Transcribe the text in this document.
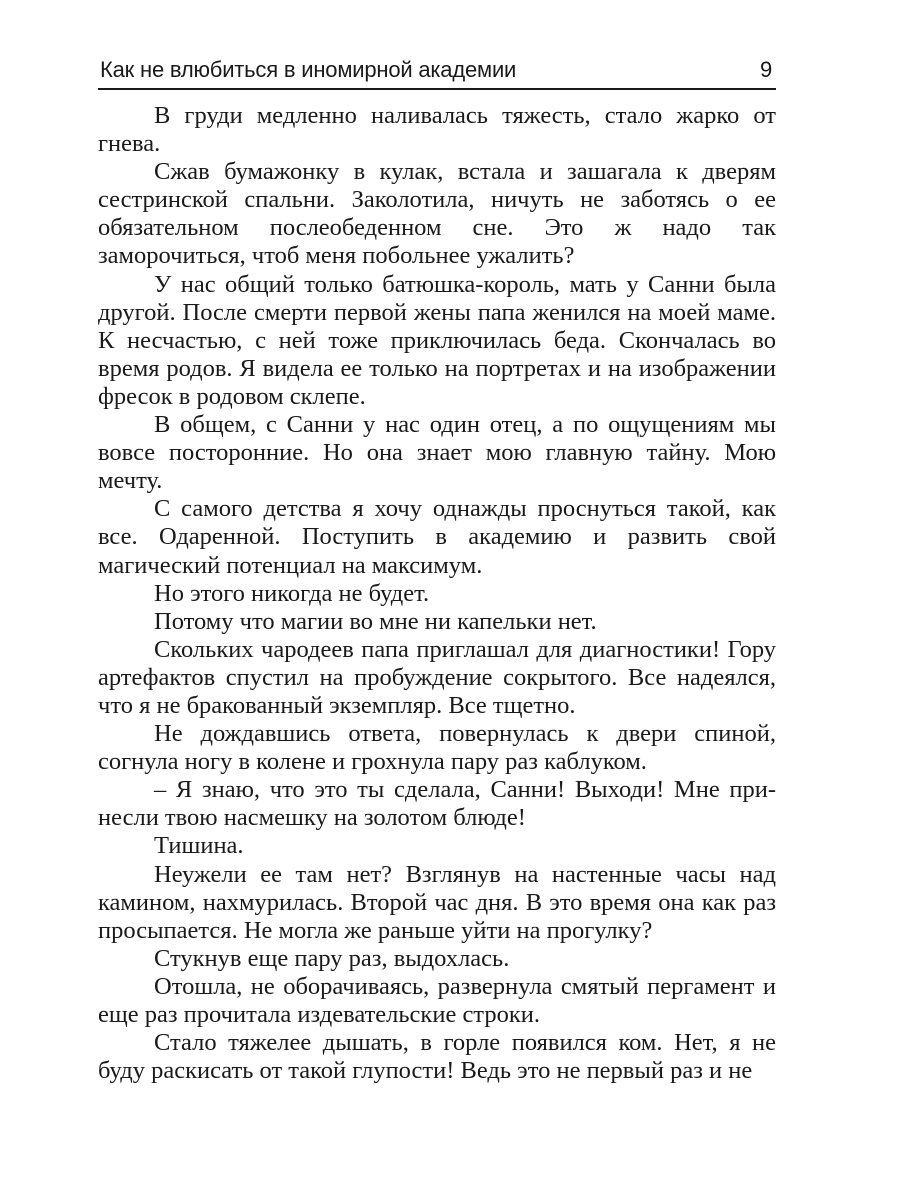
Как не влюбиться в иномирной академии	9

В груди медленно наливалась тяжесть, стало жарко от гнева.

Сжав бумажонку в кулак, встала и зашагала к дверям сестринской спальни. Заколотила, ничуть не заботясь о ее обязательном послеобеденном сне. Это ж надо так заморочиться, чтоб меня побольнее ужалить?

У нас общий только батюшка-король, мать у Санни была другой. После смерти первой жены папа женился на моей маме. К несчастью, с ней тоже приключилась беда. Скончалась во время родов. Я видела ее только на портретах и на изображении фресок в родовом склепе.

В общем, с Санни у нас один отец, а по ощущениям мы вовсе посторонние. Но она знает мою главную тайну. Мою мечту.

С самого детства я хочу однажды проснуться такой, как все. Одаренной. Поступить в академию и развить свой магический потенциал на максимум.

Но этого никогда не будет.

Потому что магии во мне ни капельки нет.

Скольких чародеев папа приглашал для диагностики! Гору артефактов спустил на пробуждение сокрытого. Все надеялся, что я не бракованный экземпляр. Все тщетно.

Не дождавшись ответа, повернулась к двери спиной, согнула ногу в колене и грохнула пару раз каблуком.

– Я знаю, что это ты сделала, Санни! Выходи! Мне при-несли твою насмешку на золотом блюде!

Тишина.

Неужели ее там нет? Взглянув на настенные часы над камином, нахмурилась. Второй час дня. В это время она как раз просыпается. Не могла же раньше уйти на прогулку?

Стукнув еще пару раз, выдохлась.

Отошла, не оборачиваясь, развернула смятый пергамент и еще раз прочитала издевательские строки.

Стало тяжелее дышать, в горле появился ком. Нет, я не буду раскисать от такой глупости! Ведь это не первый раз и не
